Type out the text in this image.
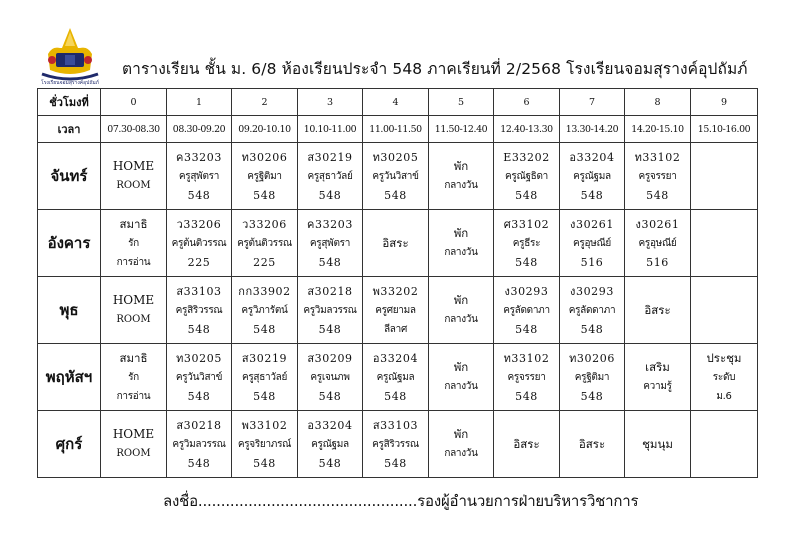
โรงเรียนจอมสุรางค์อุปถัมภ์
ตารางเรียน ชั้น ม. 6/8 ห้องเรียนประจำ 548 ภาคเรียนที่ 2/2568 โรงเรียนจอมสุรางค์อุปถัมภ์
ชั่วโมงที่	0	1	2	3	4	5	6	7	8	9
เวลา	07.30-08.30	08.30-09.20	09.20-10.10	10.10-11.00	11.00-11.50	11.50-12.40	12.40-13.30	13.30-14.20	14.20-15.10	15.10-16.00
จันทร์	HOME
ROOM	ค33203
ครูสุพัตรา
548	ท30206
ครูฐิติมา
548	ส30219
ครูสุธาวัลย์
548	ท30205
ครูวันวิสาข์
548	พัก
กลางวัน	E33202
ครูณัฐธิดา
548	อ33204
ครูณัฐมล
548	ท33102
ครูจรรยา
548	

อังคาร	สมาธิ
รัก
การอ่าน	ว33206
ครูต้นติวรรณ
225	ว33206
ครูต้นติวรรณ
225	ค33203
ครูสุพัตรา
548	อิสระ	พัก
กลางวัน	ศ33102
ครูธีระ
548	ง30261
ครูอุษณีย์
516	ง30261
ครูอุษณีย์
516	

พุธ	HOME
ROOM	ส33103
ครูสิริวรรณ
548	กก33902
ครูวิภารัตน์
548	ส30218
ครูวิมลวรรณ
548	พ33202
ครูศยามล
ลีลาศ	พัก
กลางวัน	ง30293
ครูลัดดาภา
548	ง30293
ครูลัดดาภา
548	อิสระ	

พฤหัสฯ	สมาธิ
รัก
การอ่าน	ท30205
ครูวันวิสาข์
548	ส30219
ครูสุธาวัลย์
548	ส30209
ครูเจนภพ
548	อ33204
ครูณัฐมล
548	พัก
กลางวัน	ท33102
ครูจรรยา
548	ท30206
ครูฐิติมา
548	เสริม
ความรู้	ประชุม
ระดับ
ม.6

ศุกร์	HOME
ROOM	ส30218
ครูวิมลวรรณ
548	พ33102
ครูจริยาภรณ์
548	อ33204
ครูณัฐมล
548	ส33103
ครูสิริวรรณ
548	พัก
กลางวัน	อิสระ	อิสระ	ชุมนุม	

ลงชื่อ................................................รองผู้อำนวยการฝ่ายบริหารวิชาการ
